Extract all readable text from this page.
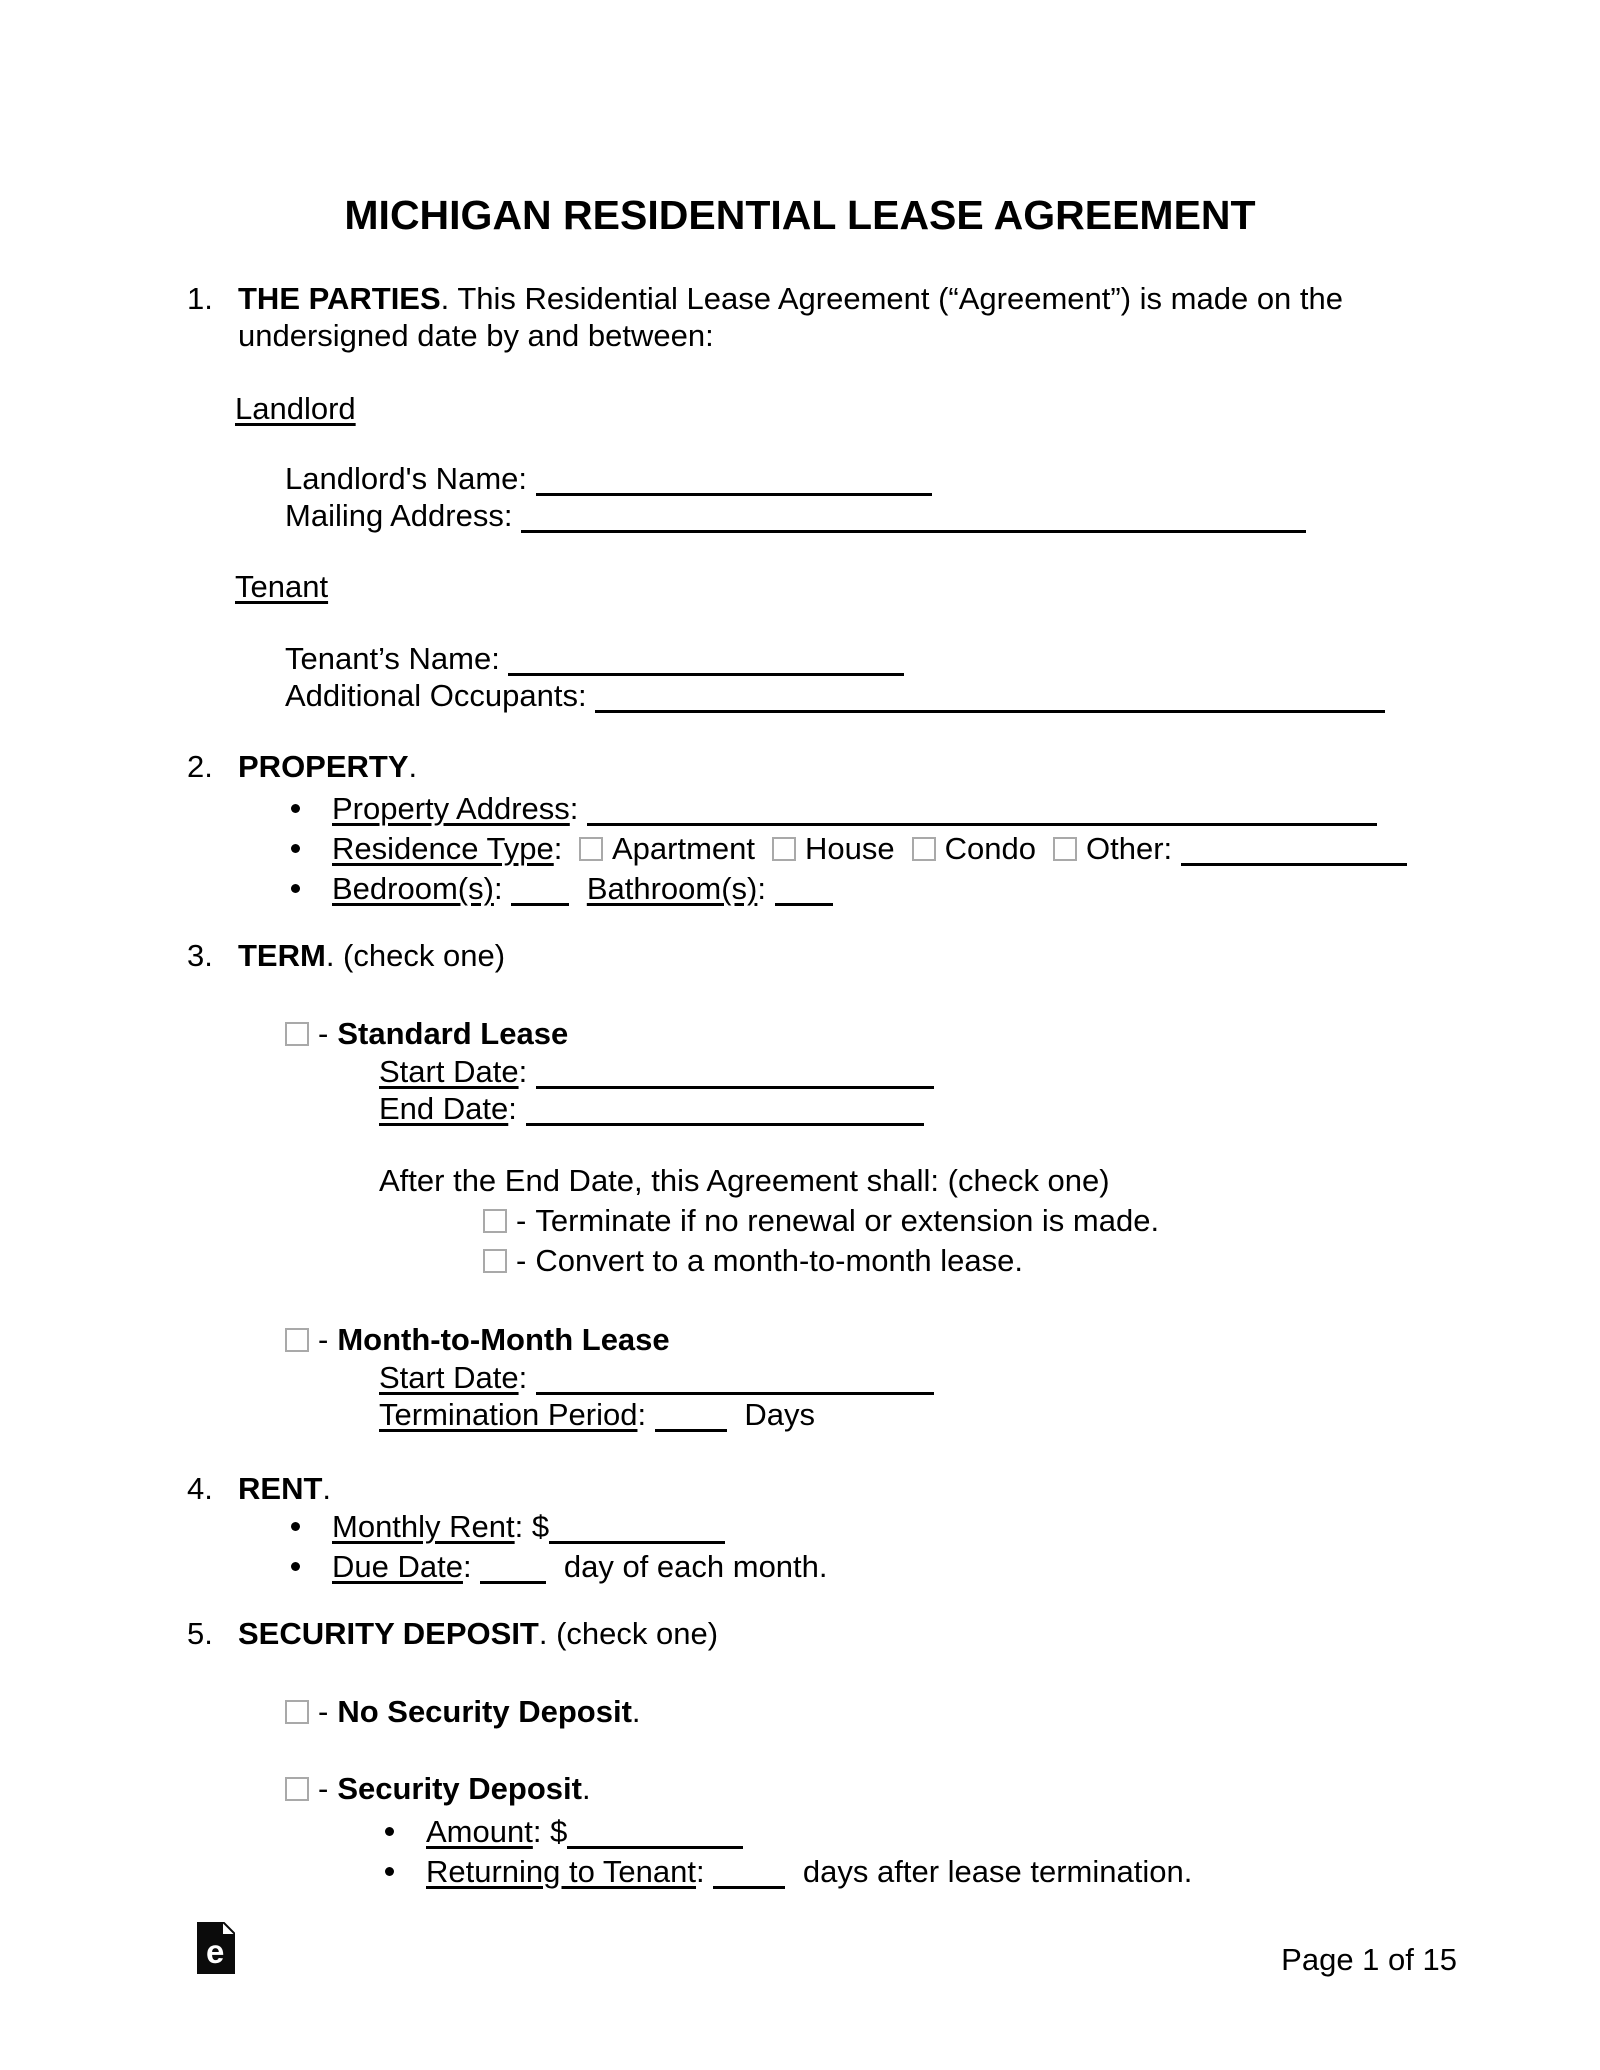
MICHIGAN RESIDENTIAL LEASE AGREEMENT
1. THE PARTIES. This Residential Lease Agreement (“Agreement”) is made on the undersigned date by and between:
Landlord
Landlord's Name:
Mailing Address:
Tenant
Tenant’s Name:
Additional Occupants:
2. PROPERTY.
Property Address:
Residence Type: Apartment House Condo Other:
Bedroom(s):	Bathroom(s):
3. TERM. (check one)
- Standard Lease
Start Date:
End Date:
After the End Date, this Agreement shall: (check one)
- Terminate if no renewal or extension is made.
- Convert to a month-to-month lease.
- Month-to-Month Lease
Start Date:
Termination Period:	Days
4. RENT.
Monthly Rent: $
Due Date:	day of each month.
5. SECURITY DEPOSIT. (check one)
- No Security Deposit.
- Security Deposit.
Amount: $
Returning to Tenant:	days after lease termination.
e	Page 1 of 15
